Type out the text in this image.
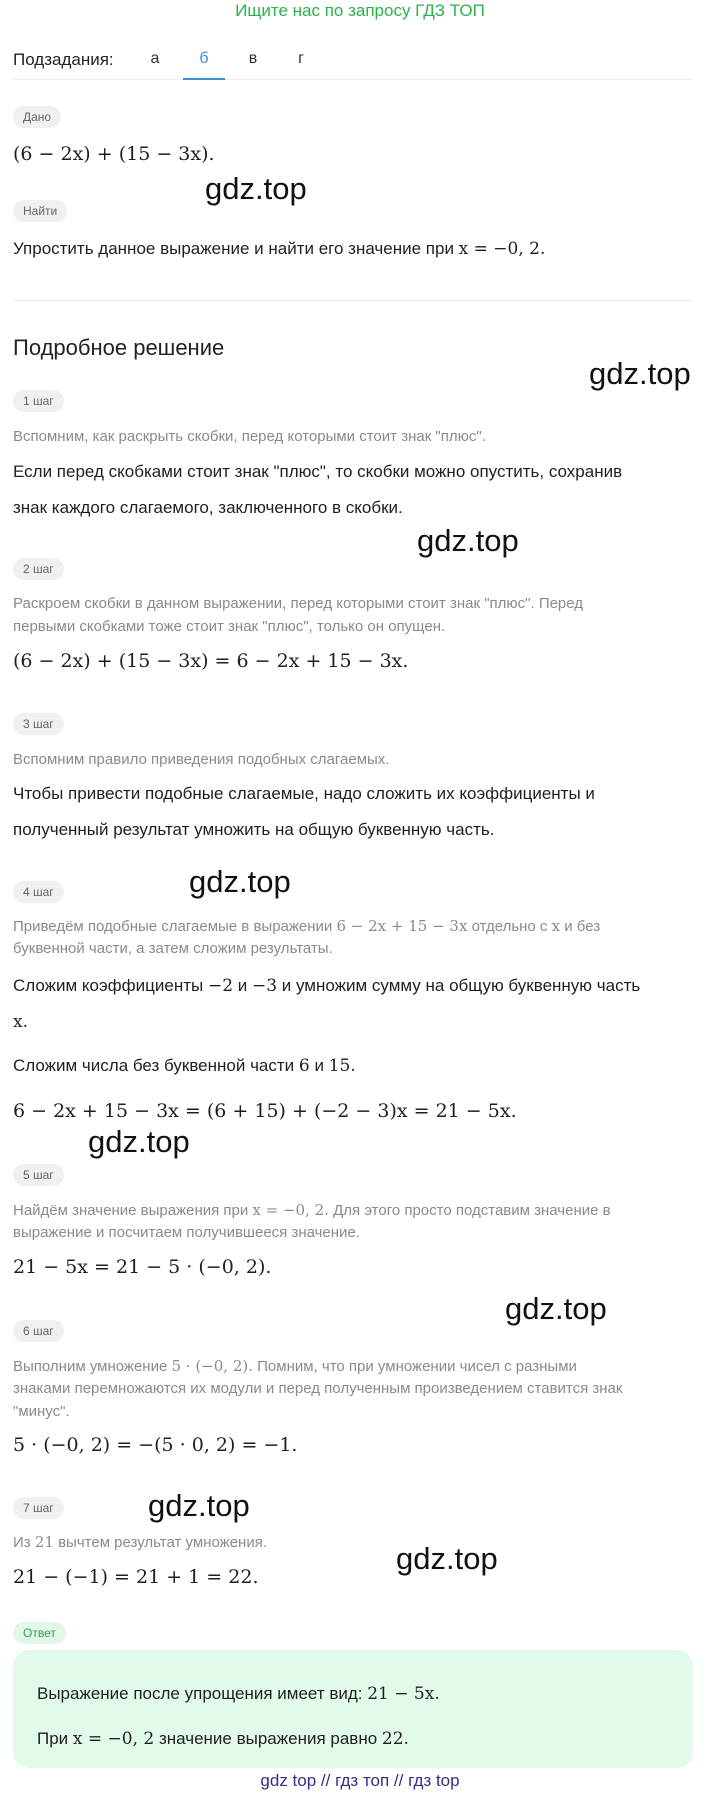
Ищите нас по запросу ГДЗ ТОП
Подзадания:	а	б	в	г
Дано
(6 − 2x) + (15 − 3x).
Найти
Упростить данное выражение и найти его значение при x = −0, 2.
Подробное решение
1 шаг
Вспомним, как раскрыть скобки, перед которыми стоит знак "плюс".
Если перед скобками стоит знак "плюс", то скобки можно опустить, сохранив
знак каждого слагаемого, заключенного в скобки.
2 шаг
Раскроем скобки в данном выражении, перед которыми стоит знак "плюс". Перед
первыми скобками тоже стоит знак "плюс", только он опущен.
(6 − 2x) + (15 − 3x) = 6 − 2x + 15 − 3x.
3 шаг
Вспомним правило приведения подобных слагаемых.
Чтобы привести подобные слагаемые, надо сложить их коэффициенты и
полученный результат умножить на общую буквенную часть.
4 шаг
Приведём подобные слагаемые в выражении 6 − 2x + 15 − 3x отдельно с x и без
буквенной части, а затем сложим результаты.
Сложим коэффициенты −2 и −3 и умножим сумму на общую буквенную часть
x.
Сложим числа без буквенной части 6 и 15.
6 − 2x + 15 − 3x = (6 + 15) + (−2 − 3)x = 21 − 5x.
5 шаг
Найдём значение выражения при x = −0, 2. Для этого просто подставим значение в
выражение и посчитаем получившееся значение.
21 − 5x = 21 − 5 · (−0, 2).
6 шаг
Выполним умножение 5 · (−0, 2). Помним, что при умножении чисел с разными
знаками перемножаются их модули и перед полученным произведением ставится знак
"минус".
5 · (−0, 2) = −(5 · 0, 2) = −1.
7 шаг
Из 21 вычтем результат умножения.
21 − (−1) = 21 + 1 = 22.
Ответ
Выражение после упрощения имеет вид: 21 − 5x.
При x = −0, 2 значение выражения равно 22.
gdz.top
gdz.top
gdz.top
gdz.top
gdz.top
gdz.top
gdz.top
gdz.top
gdz top // гдз топ // гдз top
